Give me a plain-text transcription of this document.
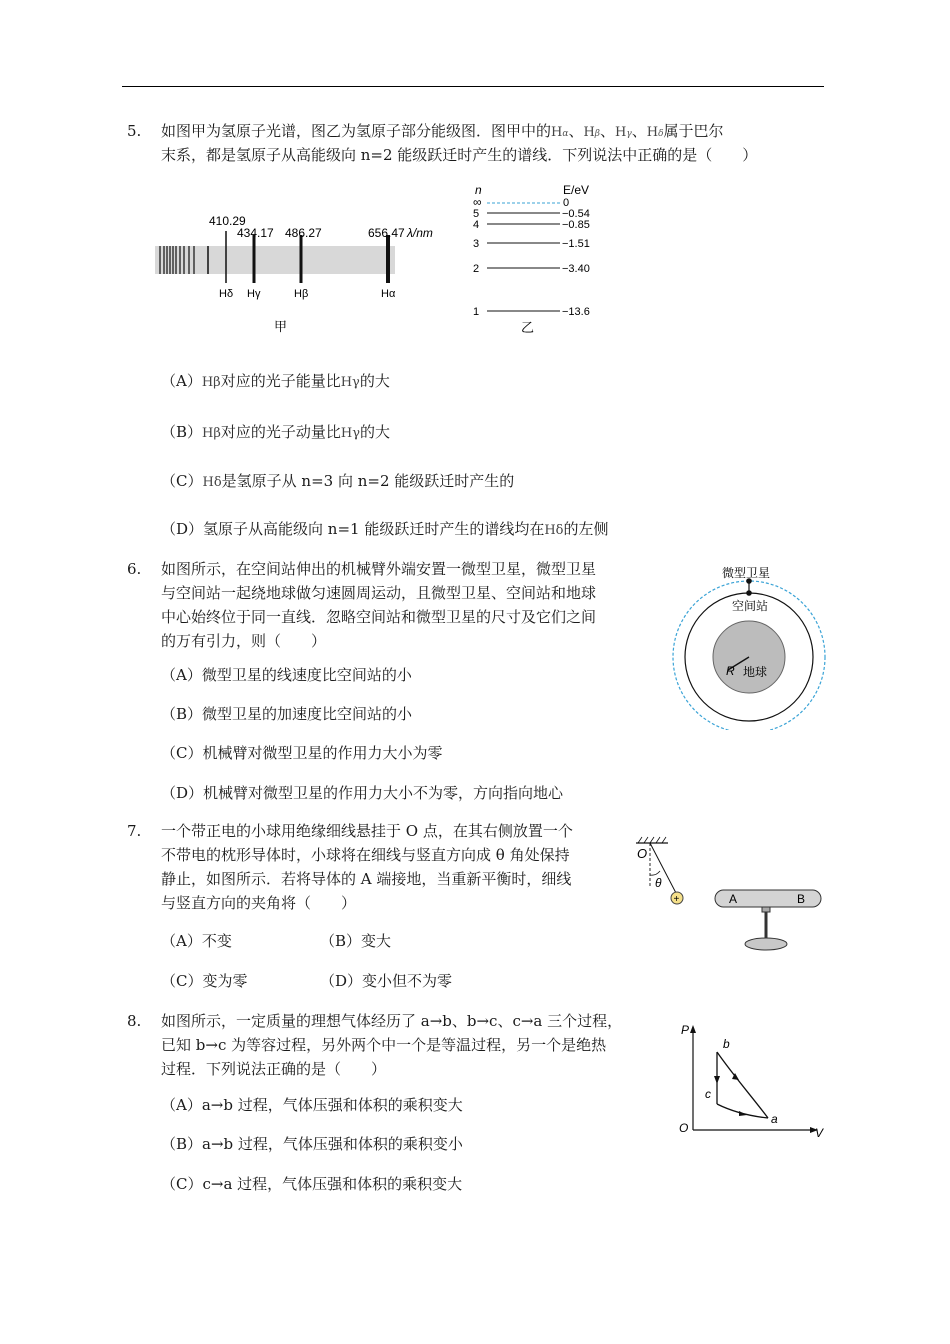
5. 如图甲为氢原子光谱，图乙为氢原子部分能级图．图甲中的Hα、Hβ、Hγ、Hδ属于巴尔
末系，都是氢原子从高能级向 n=2 能级跃迁时产生的谱线．下列说法中正确的是（　　）
410.29
434.17 486.27	656.47 λ/nm
Hδ Hγ	Hβ	Hα
甲
n	E/eV
∞
5
4
3
2
1
0
−0.54
−0.85
−1.51
−3.40
−13.6
乙
（A）Hβ对应的光子能量比Hγ的大
（B）Hβ对应的光子动量比Hγ的大
（C）Hδ是氢原子从 n=3 向 n=2 能级跃迁时产生的
（D）氢原子从高能级向 n=1 能级跃迁时产生的谱线均在Hδ的左侧
6. 如图所示，在空间站伸出的机械臂外端安置一微型卫星，微型卫星
与空间站一起绕地球做匀速圆周运动，且微型卫星、空间站和地球
中心始终位于同一直线．忽略空间站和微型卫星的尺寸及它们之间
的万有引力，则（　　）
微型卫星
空间站
R 地球
（A）微型卫星的线速度比空间站的小
（B）微型卫星的加速度比空间站的小
（C）机械臂对微型卫星的作用力大小为零
（D）机械臂对微型卫星的作用力大小不为零，方向指向地心
7. 一个带正电的小球用绝缘细线悬挂于 O 点，在其右侧放置一个
不带电的枕形导体时，小球将在细线与竖直方向成 θ 角处保持
静止，如图所示．若将导体的 A 端接地，当重新平衡时，细线
与竖直方向的夹角将（　　）	+
O
θ
A	B
（A）不变	（B）变大
（C）变为零	（D）变小但不为零
8. 如图所示，一定质量的理想气体经历了 a→b、b→c、c→a 三个过程，
已知 b→c 为等容过程，另外两个中一个是等温过程，另一个是绝热
过程．下列说法正确的是（　　）
P
V
O
b
c
a
（A）a→b 过程，气体压强和体积的乘积变大
（B）a→b 过程，气体压强和体积的乘积变小
（C）c→a 过程，气体压强和体积的乘积变大
